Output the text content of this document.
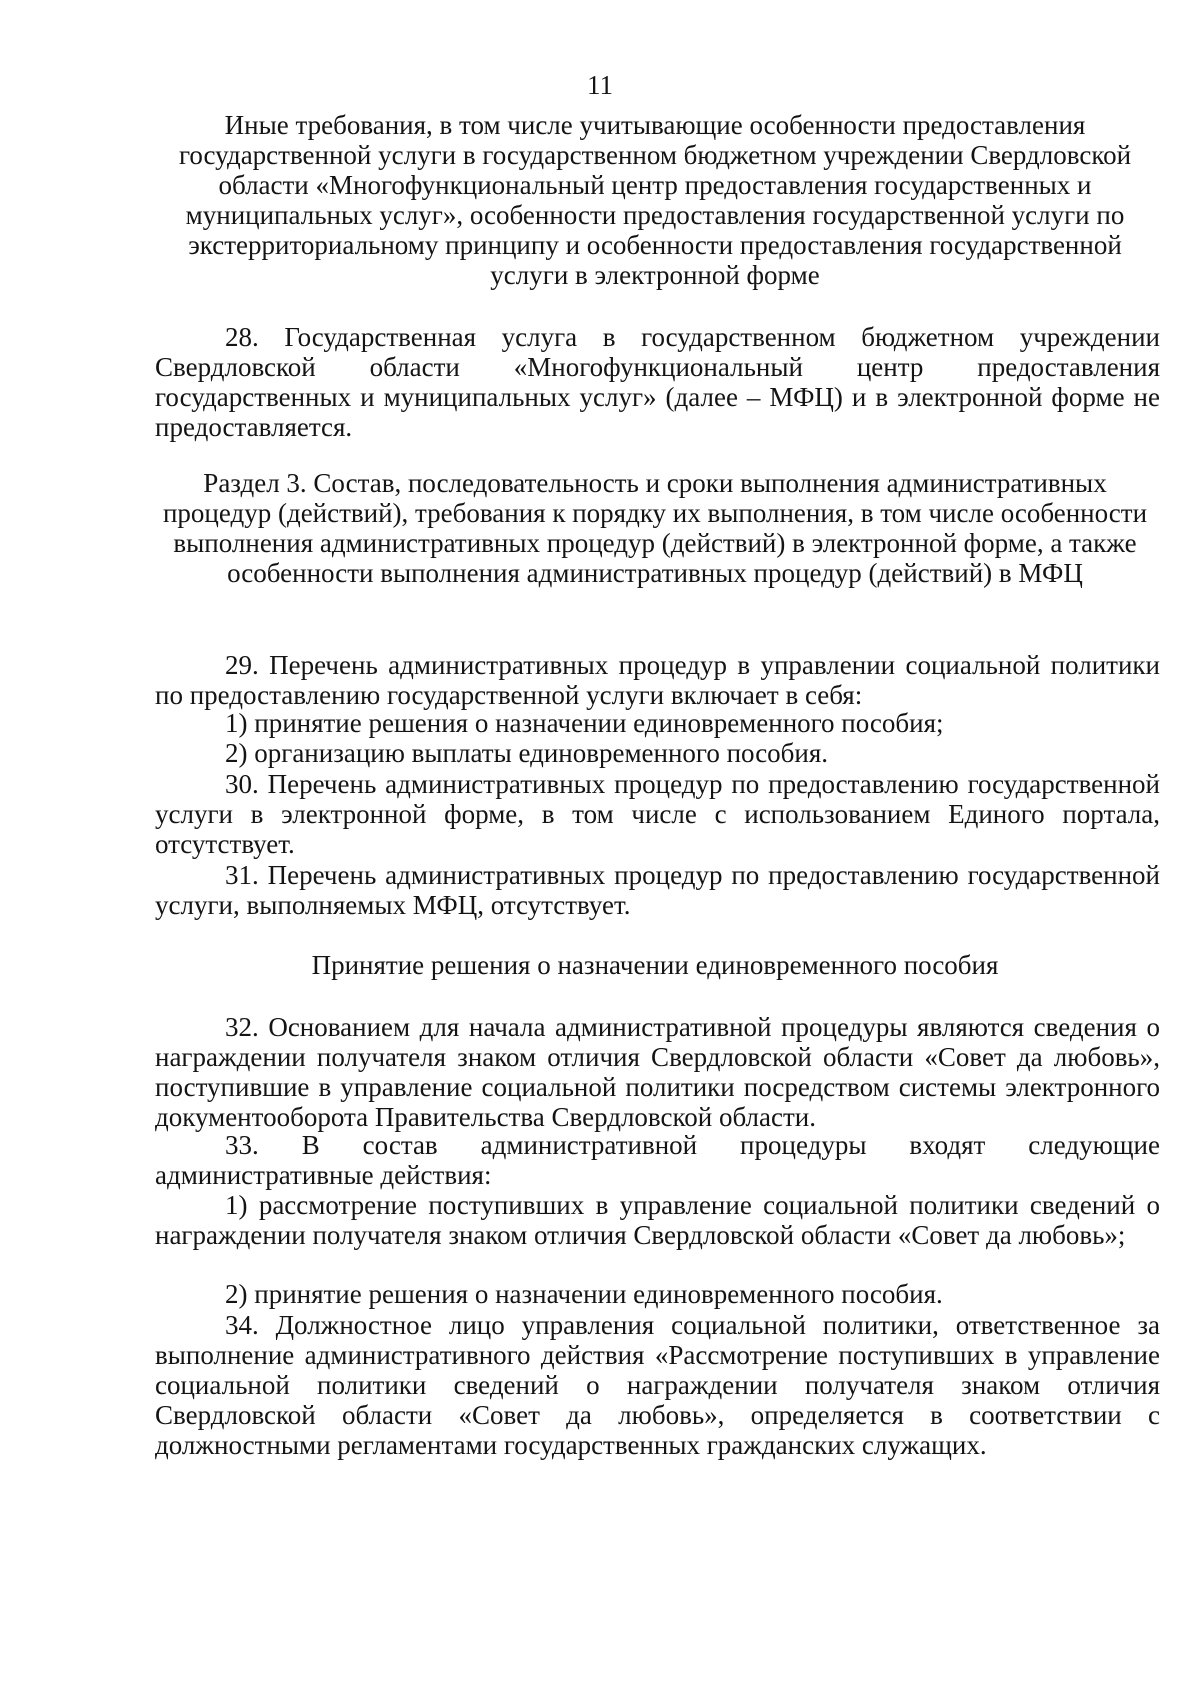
11
Иные требования, в том числе учитывающие особенности предоставления государственной услуги в государственном бюджетном учреждении Свердловской области «Многофункциональный центр предоставления государственных и муниципальных услуг», особенности предоставления государственной услуги по экстерриториальному принципу и особенности предоставления государственной услуги в электронной форме
28. Государственная услуга в государственном бюджетном учреждении Свердловской области «Многофункциональный центр предоставления государственных и муниципальных услуг» (далее – МФЦ) и в электронной форме не предоставляется.
Раздел 3. Состав, последовательность и сроки выполнения административных процедур (действий), требования к порядку их выполнения, в том числе особенности выполнения административных процедур (действий) в электронной форме, а также особенности выполнения административных процедур (действий) в МФЦ
29. Перечень административных процедур в управлении социальной политики по предоставлению государственной услуги включает в себя:
1) принятие решения о назначении единовременного пособия;
2) организацию выплаты единовременного пособия.
30. Перечень административных процедур по предоставлению государственной услуги в электронной форме, в том числе с использованием Единого портала, отсутствует.
31. Перечень административных процедур по предоставлению государственной услуги, выполняемых МФЦ, отсутствует.
Принятие решения о назначении единовременного пособия
32. Основанием для начала административной процедуры являются сведения о награждении получателя знаком отличия Свердловской области «Совет да любовь», поступившие в управление социальной политики посредством системы электронного документооборота Правительства Свердловской области.
33. В состав административной процедуры входят следующие административные действия:
1) рассмотрение поступивших в управление социальной политики сведений о награждении получателя знаком отличия Свердловской области «Совет да любовь»;
2) принятие решения о назначении единовременного пособия.
34. Должностное лицо управления социальной политики, ответственное за выполнение административного действия «Рассмотрение поступивших в управление социальной политики сведений о награждении получателя знаком отличия Свердловской области «Совет да любовь», определяется в соответствии с должностными регламентами государственных гражданских служащих.
